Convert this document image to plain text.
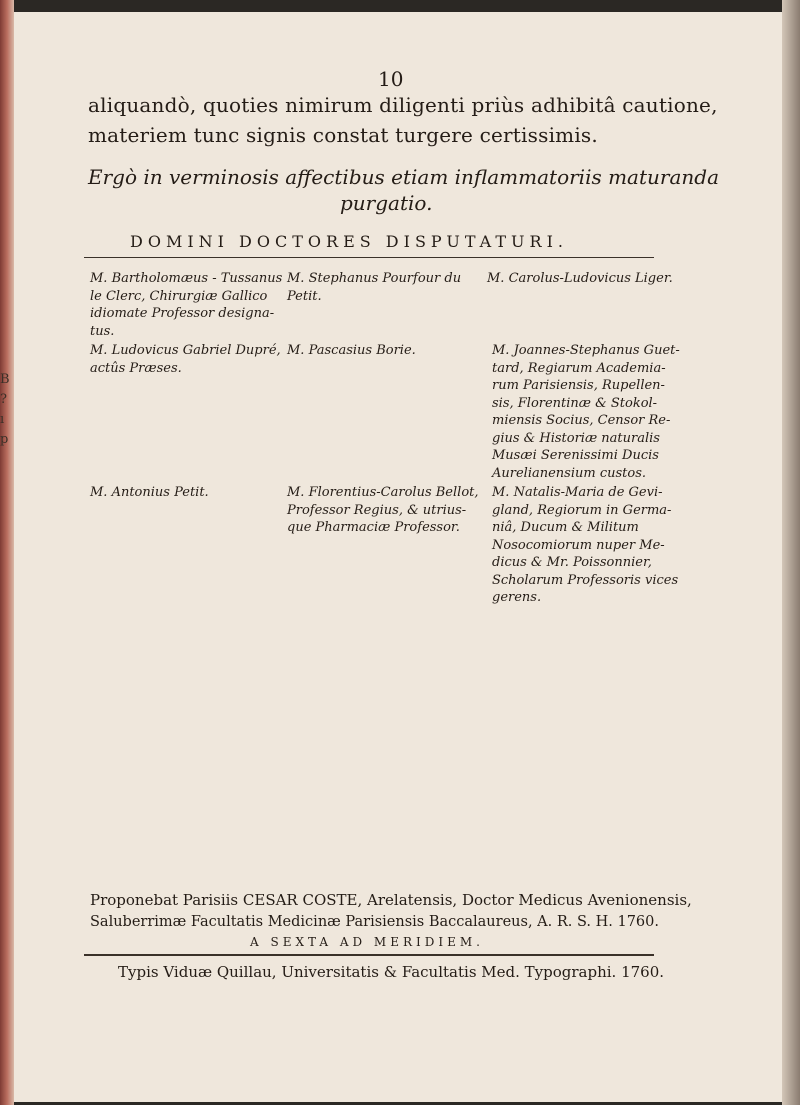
B
?
ı
p
10
aliquandò, quoties nimirum diligenti priùs adhibitâ cautione,
materiem tunc signis constat turgere certissimis.
Ergò in verminosis affectibus etiam inflammatoriis maturanda
purgatio.
DOMINI DOCTORES DISPUTATURI.
M. Bartholomæus - Tussanus
le Clerc, Chirurgiæ Gallico
idiomate Professor designa-
tus.
M. Ludovicus Gabriel Dupré,
actûs Præses.
M. Antonius Petit.
M. Stephanus Pourfour du
Petit.
M. Pascasius Borie.
M. Florentius-Carolus Bellot,
Professor Regius, & utrius-
que Pharmaciæ Professor.
M. Carolus-Ludovicus Liger.
M. Joannes-Stephanus Guet-
tard, Regiarum Academia-
rum Parisiensis, Rupellen-
sis, Florentinæ & Stokol-
miensis Socius, Censor Re-
gius & Historiæ naturalis
Musæi Serenissimi Ducis
Aurelianensium custos.
M. Natalis-Maria de Gevi-
gland, Regiorum in Germa-
niâ, Ducum & Militum
Nosocomiorum nuper Me-
dicus & Mr. Poissonnier,
Scholarum Professoris vices
gerens.
Proponebat Parisiis CESAR COSTE, Arelatensis, Doctor Medicus Avenionensis,
Saluberrimæ Facultatis Medicinæ Parisiensis Baccalaureus, A. R. S. H. 1760.
A SEXTA AD MERIDIEM.
Typis Viduæ Quillau, Universitatis & Facultatis Med. Typographi. 1760.
